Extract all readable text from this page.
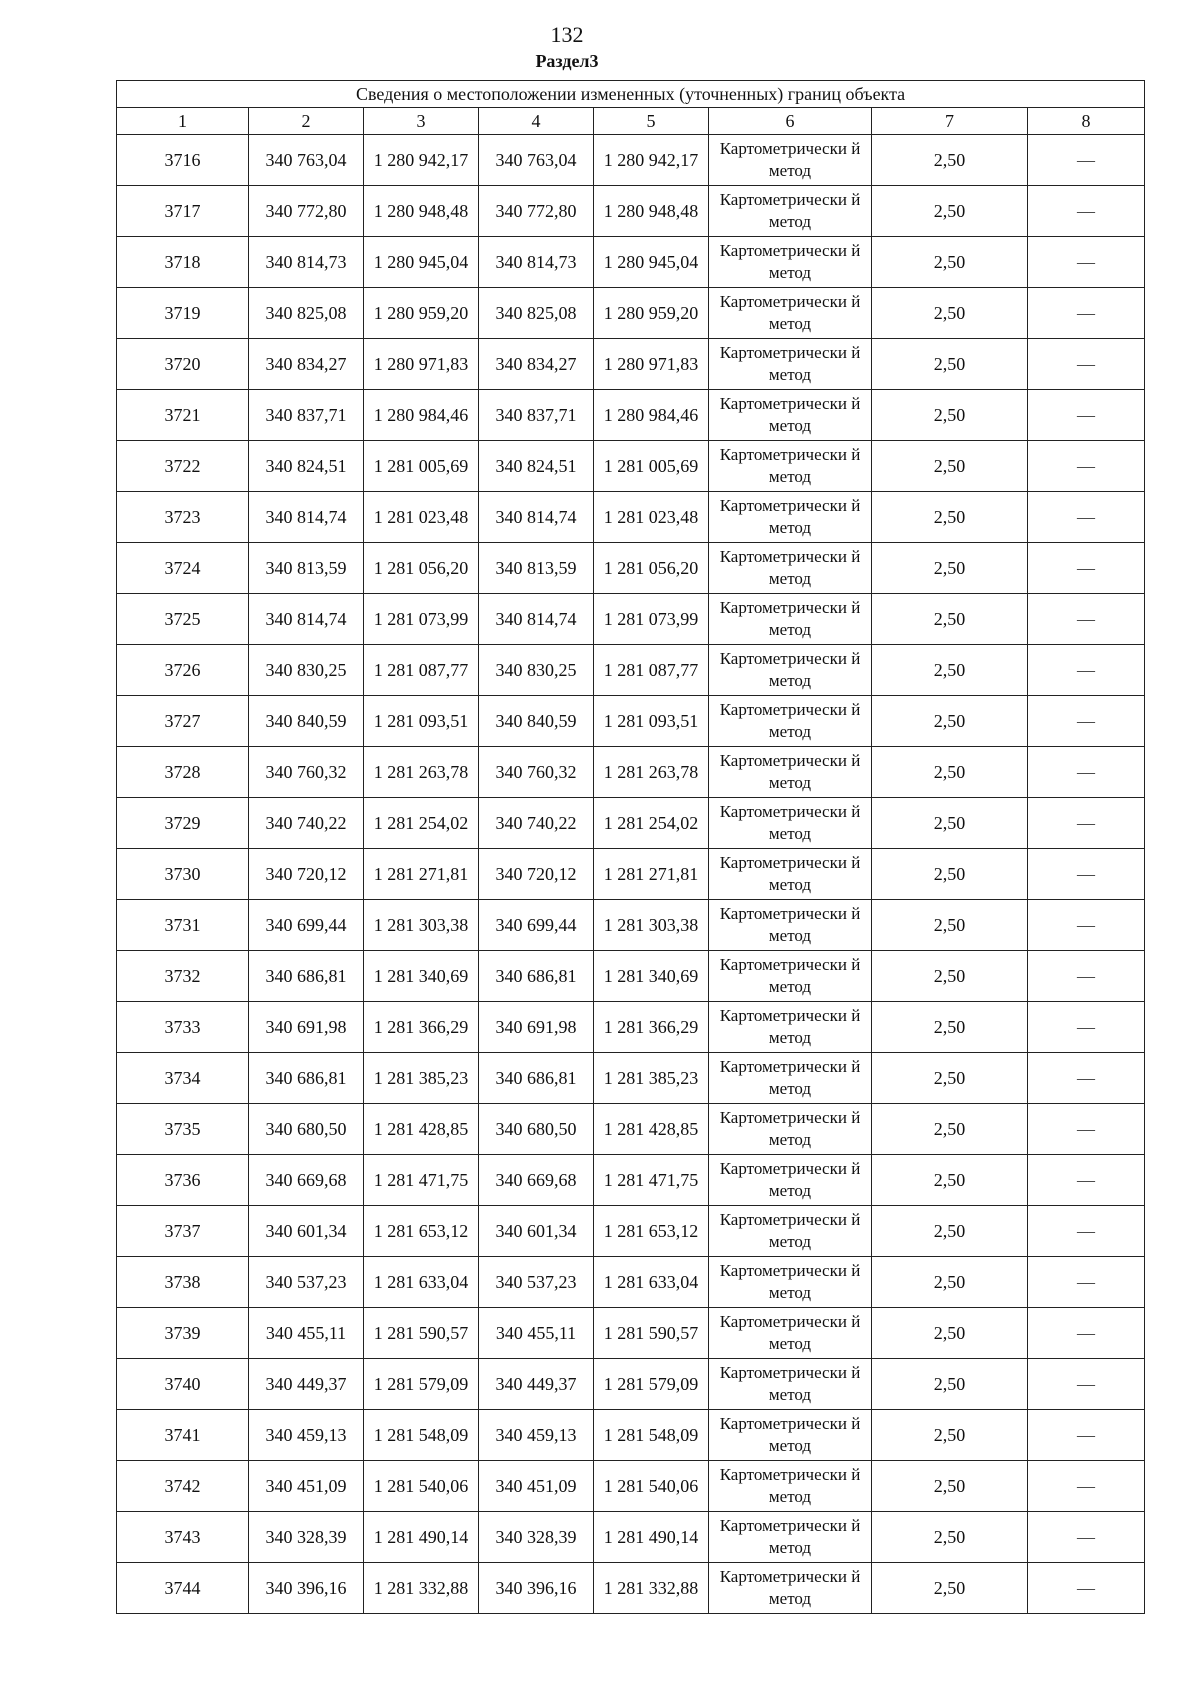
132
Раздел3
Сведения о местоположении измененных (уточненных) границ объекта							
1	2	3	4	5	6	7	8
3716	340 763,04	1 280 942,17	340 763,04	1 280 942,17	Картометрически й метод	2,50	—
3717	340 772,80	1 280 948,48	340 772,80	1 280 948,48	Картометрически й метод	2,50	—
3718	340 814,73	1 280 945,04	340 814,73	1 280 945,04	Картометрически й метод	2,50	—
3719	340 825,08	1 280 959,20	340 825,08	1 280 959,20	Картометрически й метод	2,50	—
3720	340 834,27	1 280 971,83	340 834,27	1 280 971,83	Картометрически й метод	2,50	—
3721	340 837,71	1 280 984,46	340 837,71	1 280 984,46	Картометрически й метод	2,50	—
3722	340 824,51	1 281 005,69	340 824,51	1 281 005,69	Картометрически й метод	2,50	—
3723	340 814,74	1 281 023,48	340 814,74	1 281 023,48	Картометрически й метод	2,50	—
3724	340 813,59	1 281 056,20	340 813,59	1 281 056,20	Картометрически й метод	2,50	—
3725	340 814,74	1 281 073,99	340 814,74	1 281 073,99	Картометрически й метод	2,50	—
3726	340 830,25	1 281 087,77	340 830,25	1 281 087,77	Картометрически й метод	2,50	—
3727	340 840,59	1 281 093,51	340 840,59	1 281 093,51	Картометрически й метод	2,50	—
3728	340 760,32	1 281 263,78	340 760,32	1 281 263,78	Картометрически й метод	2,50	—
3729	340 740,22	1 281 254,02	340 740,22	1 281 254,02	Картометрически й метод	2,50	—
3730	340 720,12	1 281 271,81	340 720,12	1 281 271,81	Картометрически й метод	2,50	—
3731	340 699,44	1 281 303,38	340 699,44	1 281 303,38	Картометрически й метод	2,50	—
3732	340 686,81	1 281 340,69	340 686,81	1 281 340,69	Картометрически й метод	2,50	—
3733	340 691,98	1 281 366,29	340 691,98	1 281 366,29	Картометрически й метод	2,50	—
3734	340 686,81	1 281 385,23	340 686,81	1 281 385,23	Картометрически й метод	2,50	—
3735	340 680,50	1 281 428,85	340 680,50	1 281 428,85	Картометрически й метод	2,50	—
3736	340 669,68	1 281 471,75	340 669,68	1 281 471,75	Картометрически й метод	2,50	—
3737	340 601,34	1 281 653,12	340 601,34	1 281 653,12	Картометрически й метод	2,50	—
3738	340 537,23	1 281 633,04	340 537,23	1 281 633,04	Картометрически й метод	2,50	—
3739	340 455,11	1 281 590,57	340 455,11	1 281 590,57	Картометрически й метод	2,50	—
3740	340 449,37	1 281 579,09	340 449,37	1 281 579,09	Картометрически й метод	2,50	—
3741	340 459,13	1 281 548,09	340 459,13	1 281 548,09	Картометрически й метод	2,50	—
3742	340 451,09	1 281 540,06	340 451,09	1 281 540,06	Картометрически й метод	2,50	—
3743	340 328,39	1 281 490,14	340 328,39	1 281 490,14	Картометрически й метод	2,50	—
3744	340 396,16	1 281 332,88	340 396,16	1 281 332,88	Картометрически й метод	2,50	—
